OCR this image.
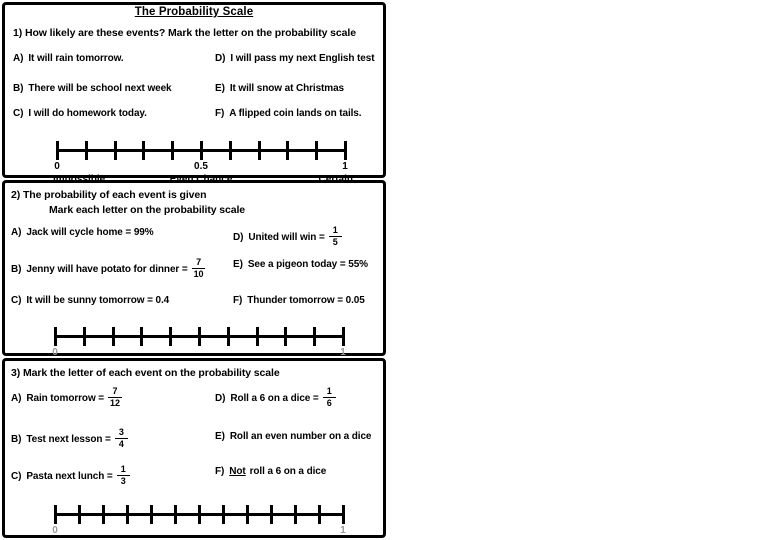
The Probability Scale
1) How likely are these events? Mark the letter on the probability scale
A) It will rain tomorrow.
B) There will be school next week
C) I will do homework today.
D) I will pass my next English test
E) It will snow at Christmas
F) A flipped coin lands on tails.
0	0.5	1
2) The probability of each event is given
Mark each letter on the probability scale
A) Jack will cycle home = 99%
B) Jenny will have potato for dinner = $\frac{7}{10}$
C) It will be sunny tomorrow = 0.4
D) United will win = $\frac{1}{5}$
E) See a pigeon today = 55%
F) Thunder tomorrow = 0.05
0	1
3) Mark the letter of each event on the probability scale
A) Rain tomorrow = $\frac{7}{12}$
B) Test next lesson = $\frac{3}{4}$
C) Pasta next lunch = $\frac{1}{3}$
D) Roll a 6 on a dice = $\frac{1}{6}$
E) Roll an even number on a dice
F) Not roll a 6 on a dice
0	1
